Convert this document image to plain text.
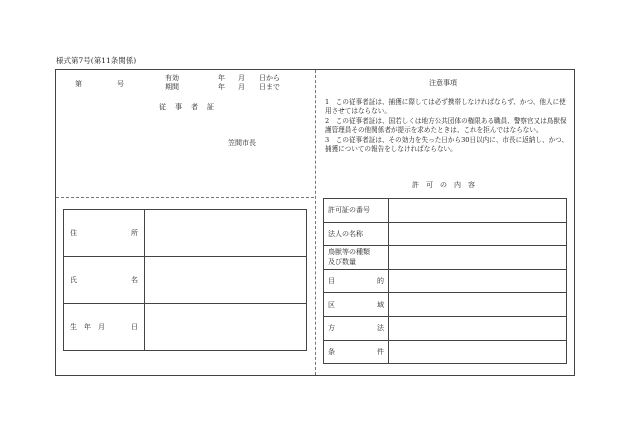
様式第7号(第11条関係)
第	号
有効
期間
年 月 日から
年 月 日まで
従　事　者　証
笠間市長
住 所	

氏 名	

生　年　月 日	

注意事項

1　この従事者証は、捕獲に際しては必ず携帯しなければならず、かつ、他人に使用させてはならない。

2　この従事者証は、国若しくは地方公共団体の権限ある職員、警察官又は鳥獣保護管理員その他関係者が提示を求めたときは、これを拒んではならない。

3　この従事者証は、その効力を失った日から30日以内に、市長に返納し、かつ、捕獲についての報告をしなければならない。

許　可　の　内　容
許可証の番号	
法人の名称	

鳥獣等の種類
及び数量	

目 的	

区 域	

方 法	

条 件	
